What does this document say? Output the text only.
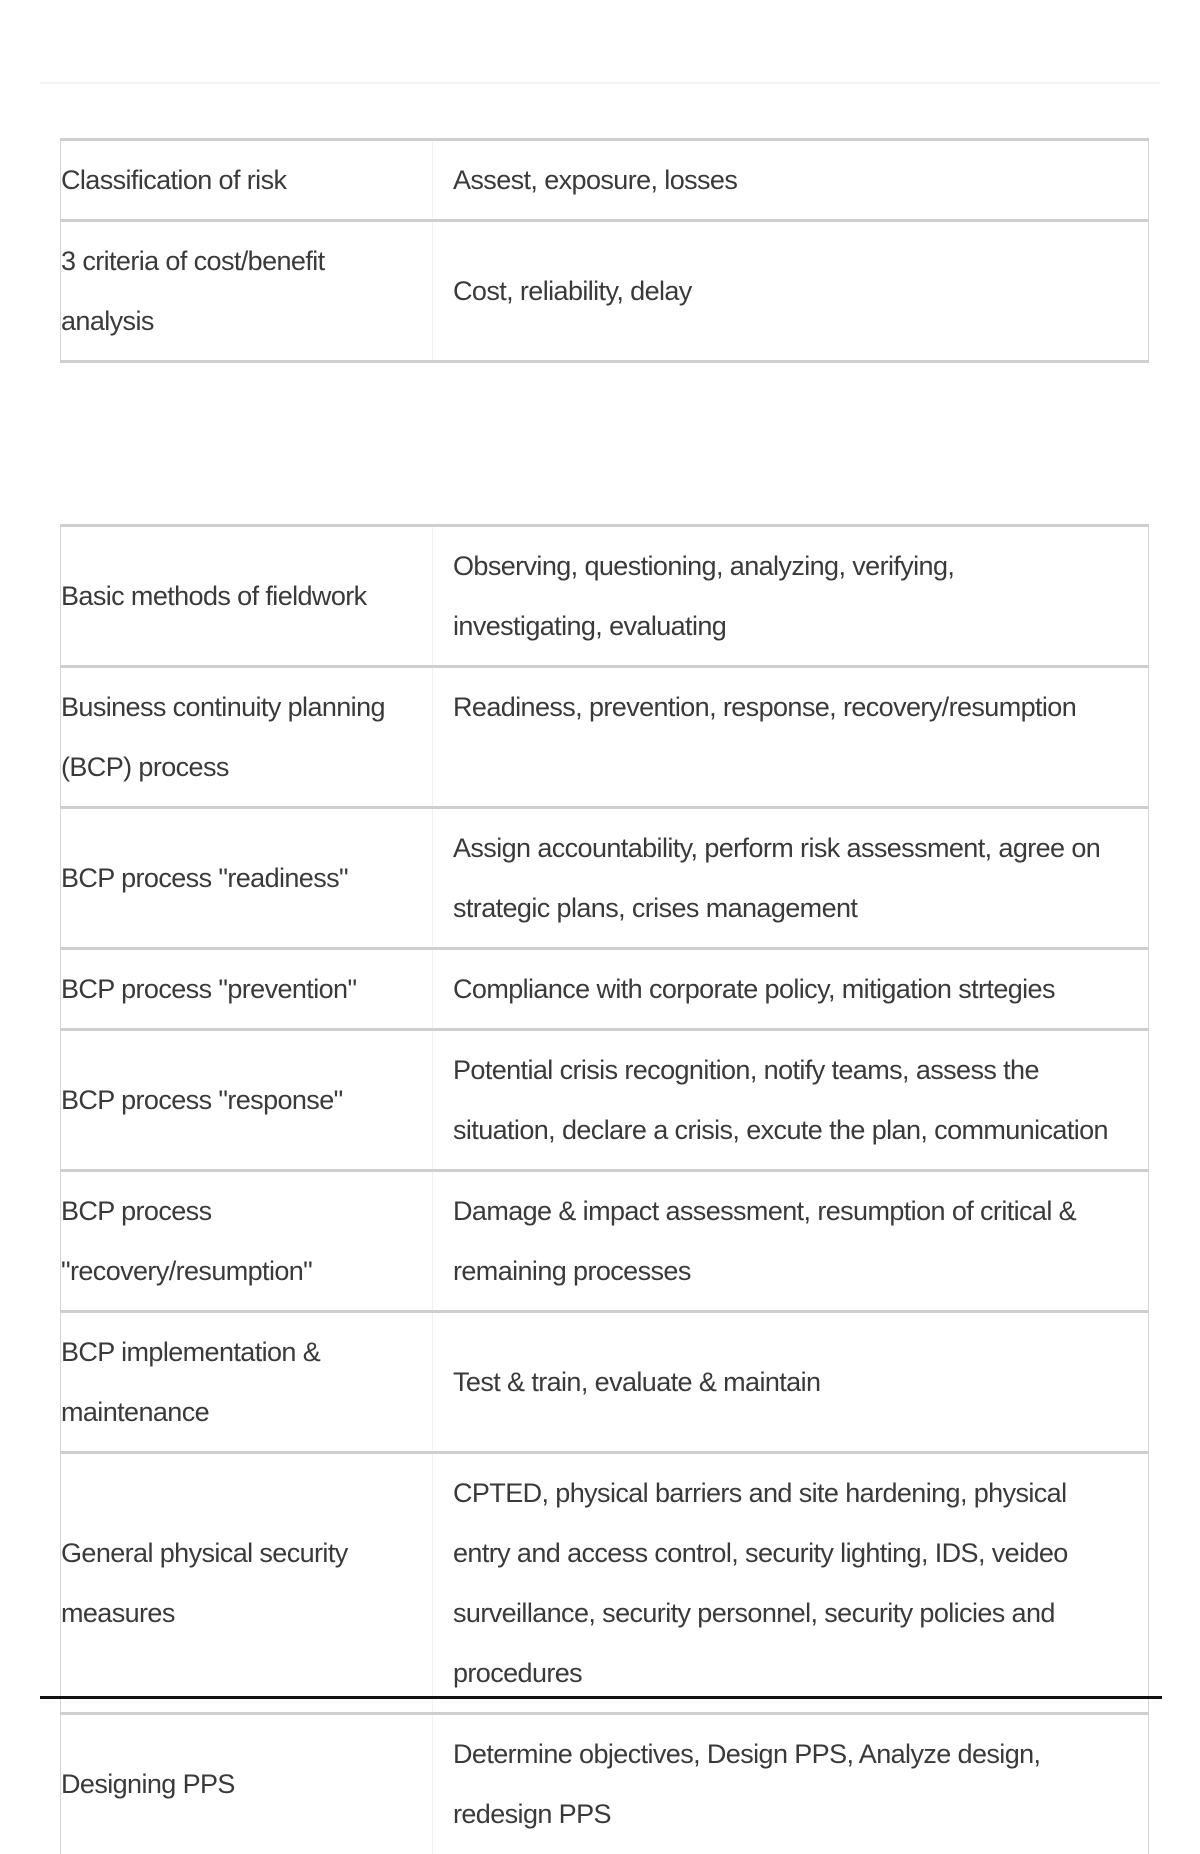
Classification of risk	Assest, exposure, losses
3 criteria of cost/benefit analysis	Cost, reliability, delay
Basic methods of fieldwork	Observing, questioning, analyzing, verifying, investigating, evaluating
Business continuity planning (BCP) process	Readiness, prevention, response, recovery/resumption
BCP process "readiness"	Assign accountability, perform risk assessment, agree on strategic plans, crises management
BCP process "prevention"	Compliance with corporate policy, mitigation strtegies
BCP process "response"	Potential crisis recognition, notify teams, assess the situation, declare a crisis, excute the plan, communication
BCP process "recovery/resumption"	Damage & impact assessment, resumption of critical & remaining processes
BCP implementation & maintenance	Test & train, evaluate & maintain
General physical security measures	CPTED, physical barriers and site hardening, physical entry and access control, security lighting, IDS, veideo surveillance, security personnel, security policies and procedures
Designing PPS	Determine objectives, Design PPS, Analyze design, redesign PPS
